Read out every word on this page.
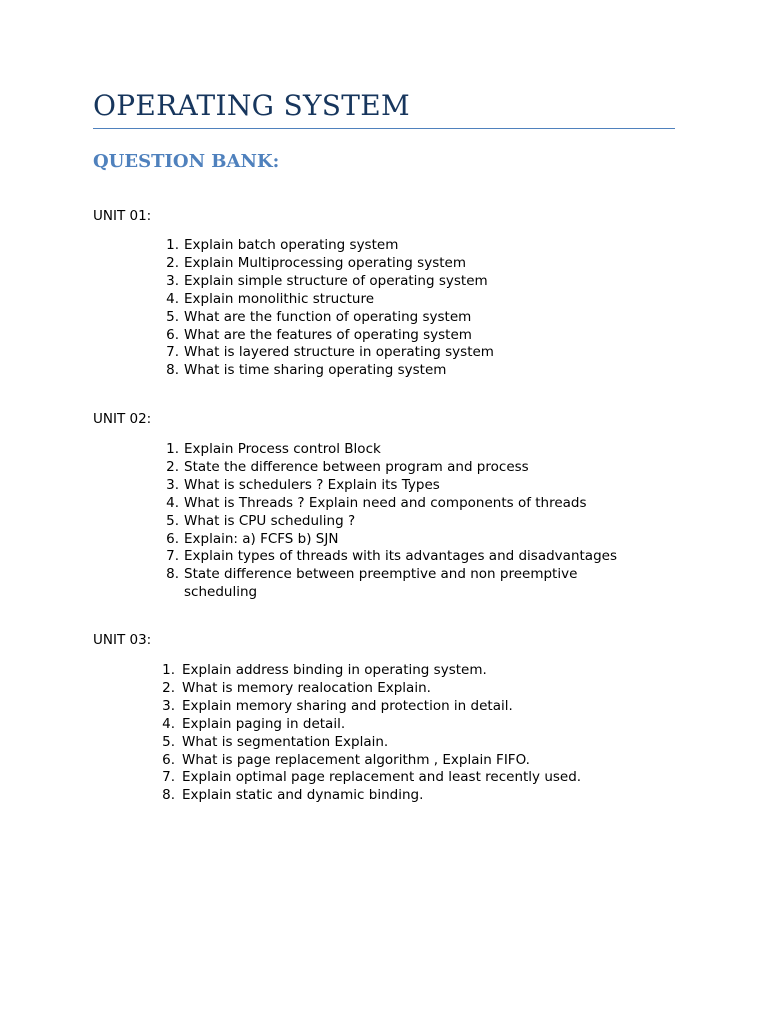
OPERATING SYSTEM
QUESTION BANK:

UNIT 01:

1. Explain batch operating system
2. Explain Multiprocessing operating system
3. Explain simple structure of operating system
4. Explain monolithic structure
5. What are the function of operating system
6. What are the features of operating system
7. What is layered structure in operating system
8. What is time sharing operating system

UNIT 02:

1. Explain Process control Block
2. State the difference between program and process
3. What is schedulers ? Explain its Types
4. What is Threads ? Explain need and components of threads
5. What is CPU scheduling ?
6. Explain: a) FCFS b) SJN
7. Explain types of threads with its advantages and disadvantages
8. State difference between preemptive and non preemptive scheduling

UNIT 03:

1. Explain address binding in operating system.
2. What is memory realocation Explain.
3. Explain memory sharing and protection in detail.
4. Explain paging in detail.
5. What is segmentation Explain.
6. What is page replacement algorithm , Explain FIFO.
7. Explain optimal page replacement and least recently used.
8. Explain static and dynamic binding.
